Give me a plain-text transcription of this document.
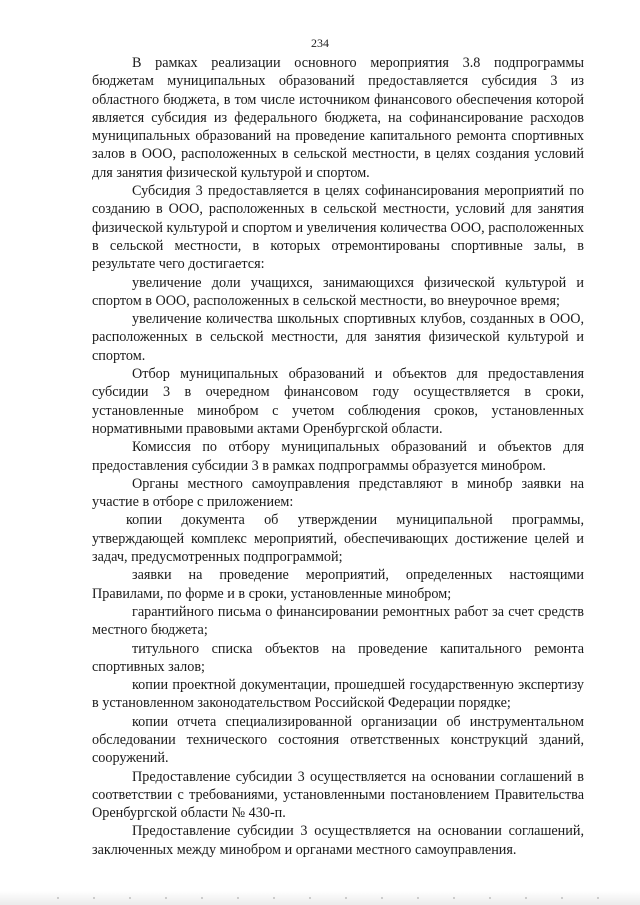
234

В рамках реализации основного мероприятия 3.8 подпрограммы бюджетам муниципальных образований предоставляется субсидия 3 из областного бюджета, в том числе источником финансового обеспечения которой является субсидия из федерального бюджета, на софинансирование расходов муниципальных образований на проведение капитального ремонта спортивных залов в ООО, расположенных в сельской местности, в целях создания условий для занятия физической культурой и спортом.

Субсидия 3 предоставляется в целях софинансирования мероприятий по созданию в ООО, расположенных в сельской местности, условий для занятия физической культурой и спортом и увеличения количества ООО, расположенных в сельской местности, в которых отремонтированы спортивные залы, в результате чего достигается:

увеличение доли учащихся, занимающихся физической культурой и спортом в ООО, расположенных в сельской местности, во внеурочное время;

увеличение количества школьных спортивных клубов, созданных в ООО, расположенных в сельской местности, для занятия физической культурой и спортом.

Отбор муниципальных образований и объектов для предоставления субсидии 3 в очередном финансовом году осуществляется в сроки, установленные минобром с учетом соблюдения сроков, установленных нормативными правовыми актами Оренбургской области.

Комиссия по отбору муниципальных образований и объектов для предоставления субсидии 3 в рамках подпрограммы образуется минобром.

Органы местного самоуправления представляют в минобр заявки на участие в отборе с приложением:

копии документа об утверждении муниципальной программы, утверждающей комплекс мероприятий, обеспечивающих достижение целей и задач, предусмотренных подпрограммой;

заявки на проведение мероприятий, определенных настоящими Правилами, по форме и в сроки, установленные минобром;

гарантийного письма о финансировании ремонтных работ за счет средств местного бюджета;

титульного списка объектов на проведение капитального ремонта спортивных залов;

копии проектной документации, прошедшей государственную экспертизу в установленном законодательством Российской Федерации порядке;

копии отчета специализированной организации об инструментальном обследовании технического состояния ответственных конструкций зданий, сооружений.

Предоставление субсидии 3 осуществляется на основании соглашений в соответствии с требованиями, установленными постановлением Правительства Оренбургской области № 430-п.

Предоставление субсидии 3 осуществляется на основании соглашений, заключенных между минобром и органами местного самоуправления.
